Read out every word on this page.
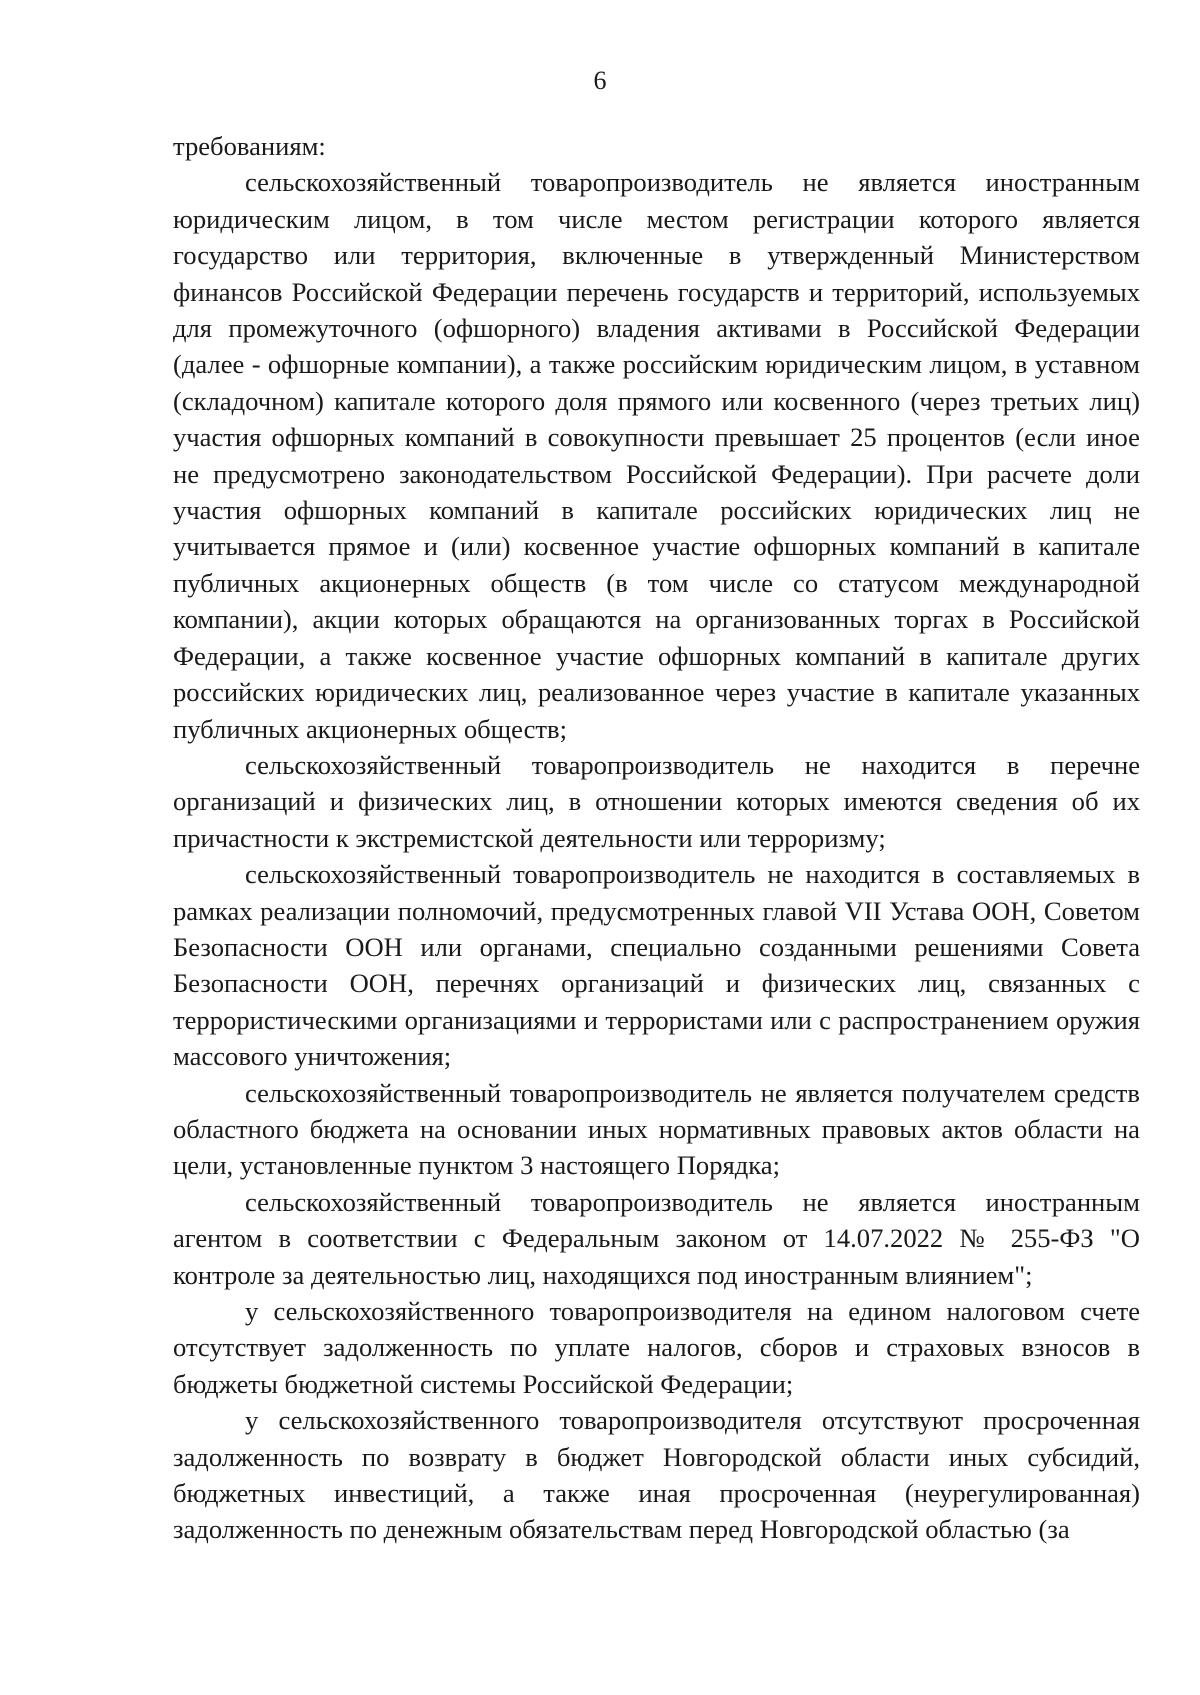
6

требованиям:

сельскохозяйственный товаропроизводитель не является иностранным юридическим лицом, в том числе местом регистрации которого является государство или территория, включенные в утвержденный Министерством финансов Российской Федерации перечень государств и территорий, используемых для промежуточного (офшорного) владения активами в Российской Федерации (далее - офшорные компании), а также российским юридическим лицом, в уставном (складочном) капитале которого доля прямого или косвенного (через третьих лиц) участия офшорных компаний в совокупности превышает 25 процентов (если иное не предусмотрено законодательством Российской Федерации). При расчете доли участия офшорных компаний в капитале российских юридических лиц не учитывается прямое и (или) косвенное участие офшорных компаний в капитале публичных акционерных обществ (в том числе со статусом международной компании), акции которых обращаются на организованных торгах в Российской Федерации, а также косвенное участие офшорных компаний в капитале других российских юридических лиц, реализованное через участие в капитале указанных публичных акционерных обществ;

сельскохозяйственный товаропроизводитель не находится в перечне организаций и физических лиц, в отношении которых имеются сведения об их причастности к экстремистской деятельности или терроризму;

сельскохозяйственный товаропроизводитель не находится в составляемых в рамках реализации полномочий, предусмотренных главой VII Устава ООН, Советом Безопасности ООН или органами, специально созданными решениями Совета Безопасности ООН, перечнях организаций и физических лиц, связанных с террористическими организациями и террористами или с распространением оружия массового уничтожения;

сельскохозяйственный товаропроизводитель не является получателем средств областного бюджета на основании иных нормативных правовых актов области на цели, установленные пунктом 3 настоящего Порядка;

сельскохозяйственный товаропроизводитель не является иностранным агентом в соответствии с Федеральным законом от 14.07.2022 № 255-ФЗ "О контроле за деятельностью лиц, находящихся под иностранным влиянием";

у сельскохозяйственного товаропроизводителя на едином налоговом счете отсутствует задолженность по уплате налогов, сборов и страховых взносов в бюджеты бюджетной системы Российской Федерации;

у сельскохозяйственного товаропроизводителя отсутствуют просроченная задолженность по возврату в бюджет Новгородской области иных субсидий, бюджетных инвестиций, а также иная просроченная (неурегулированная) задолженность по денежным обязательствам перед Новгородской областью (за
